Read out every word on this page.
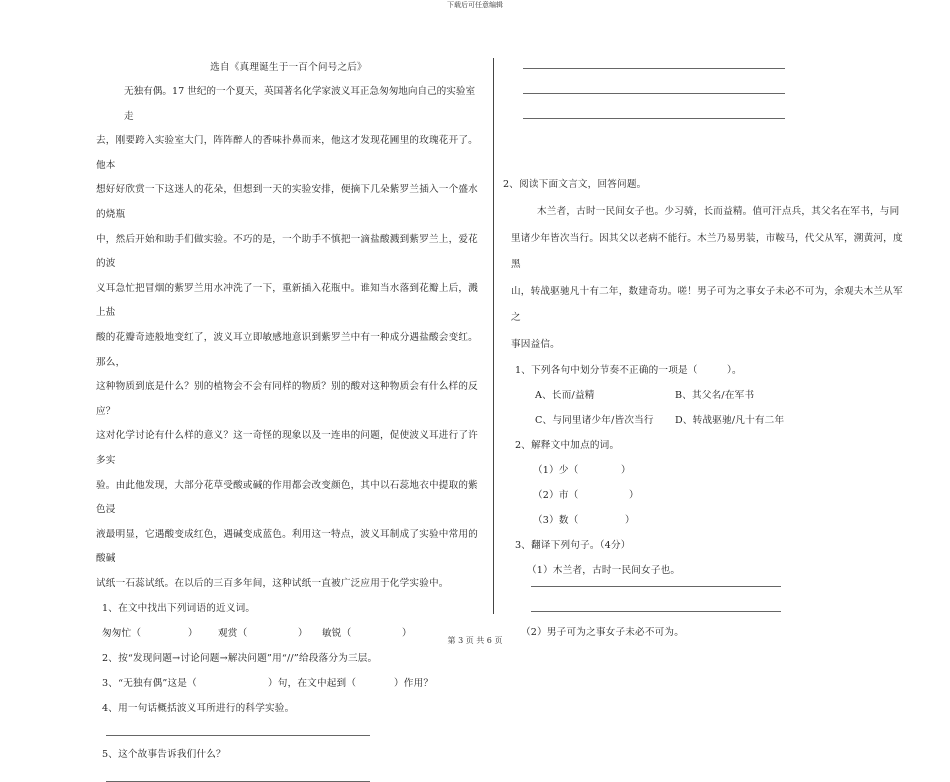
下载后可任意编辑
选自《真理诞生于一百个问号之后》
无独有偶。17 世纪的一个夏天，英国著名化学家波义耳正急匆匆地向自己的实验室走
去，刚要跨入实验室大门，阵阵醉人的香味扑鼻而来，他这才发现花圃里的玫瑰花开了。他本
想好好欣赏一下这迷人的花朵，但想到一天的实验安排，便摘下几朵紫罗兰插入一个盛水的烧瓶
中，然后开始和助手们做实验。不巧的是，一个助手不慎把一滴盐酸溅到紫罗兰上，爱花的波
义耳急忙把冒烟的紫罗兰用水冲洗了一下，重新插入花瓶中。谁知当水落到花瓣上后，溅上盐
酸的花瓣奇迹般地变红了，波义耳立即敏感地意识到紫罗兰中有一种成分遇盐酸会变红。那么，
这种物质到底是什么？别的植物会不会有同样的物质？别的酸对这种物质会有什么样的反应？
这对化学讨论有什么样的意义？这一奇怪的现象以及一连串的问题，促使波义耳进行了许多实
验。由此他发现，大部分花草受酸或碱的作用都会改变颜色，其中以石蕊地衣中提取的紫色浸
液最明显，它遇酸变成红色，遇碱变成蓝色。利用这一特点，波义耳制成了实验中常用的酸碱
试纸一石蕊试纸。在以后的三百多年间，这种试纸一直被广泛应用于化学实验中。
1、在文中找出下列词语的近义词。
匆匆忙（	） 观赏（	） 敏锐（	）
2、按“发现问题→讨论问题→解决问题”用“//”给段落分为三层。
3、“无独有偶”这是（	）句，在文中起到（	）作用？
4、用一句话概括波义耳所进行的科学实验。
5、这个故事告诉我们什么？
2、阅读下面文言文，回答问题。
木兰者，古时一民间女子也。少习骑，长而益精。值可汗点兵，其父名在军书，与同
里诸少年皆次当行。因其父以老病不能行。木兰乃易男装，市鞍马，代父从军，溯黄河，度黑
山，转战驱驰凡十有二年，数建奇功。嗟！男子可为之事女子未必不可为，余观夫木兰从军之
事因益信。
1、下列各句中划分节奏不正确的一项是（	）。
A、长而/益精	B、其父名/在军书
C、与同里诸少年/皆次当行 D、转战驱驰/凡十有二年
2、解释文中加点的词。
（1）少（	）
（2）市（	）
（3）数（	）
3、翻译下列句子。（4分）
（1）木兰者，古时一民间女子也。
（2）男子可为之事女子未必不可为。
第 3 页 共 6 页
